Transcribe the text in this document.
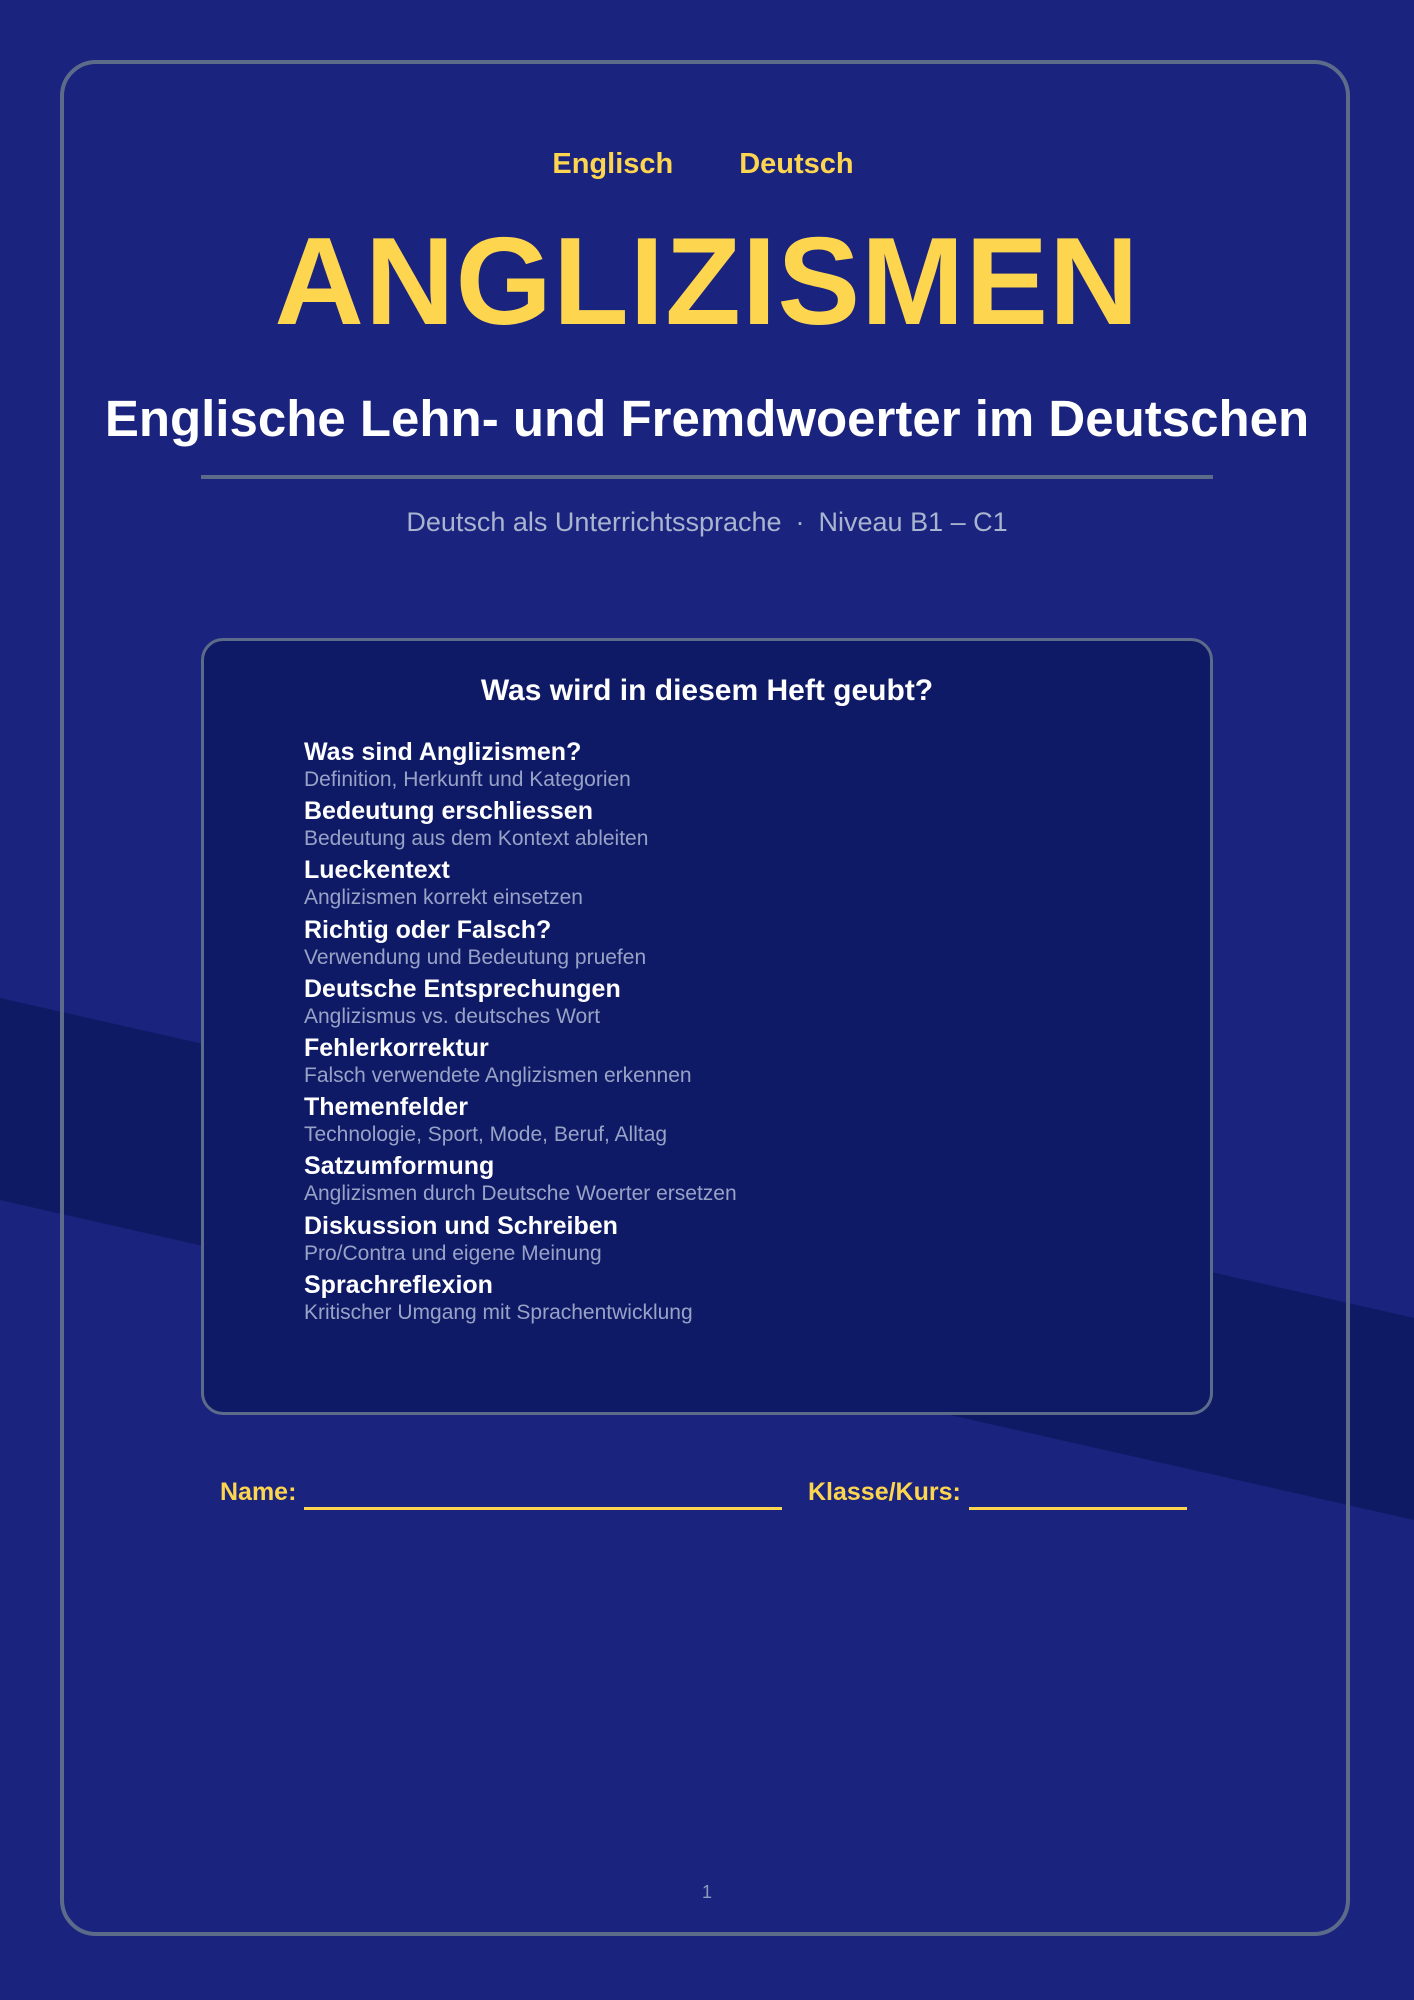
Englisch Deutsch
ANGLIZISMEN
Englische Lehn- und Fremdwoerter im Deutschen
Deutsch als Unterrichtssprache · Niveau B1 – C1
Was wird in diesem Heft geubt?
Was sind Anglizismen?
Definition, Herkunft und Kategorien
Bedeutung erschliessen
Bedeutung aus dem Kontext ableiten
Lueckentext
Anglizismen korrekt einsetzen
Richtig oder Falsch?
Verwendung und Bedeutung pruefen
Deutsche Entsprechungen
Anglizismus vs. deutsches Wort
Fehlerkorrektur
Falsch verwendete Anglizismen erkennen
Themenfelder
Technologie, Sport, Mode, Beruf, Alltag
Satzumformung
Anglizismen durch Deutsche Woerter ersetzen
Diskussion und Schreiben
Pro/Contra und eigene Meinung
Sprachreflexion
Kritischer Umgang mit Sprachentwicklung
Name:	Klasse/Kurs:
1
